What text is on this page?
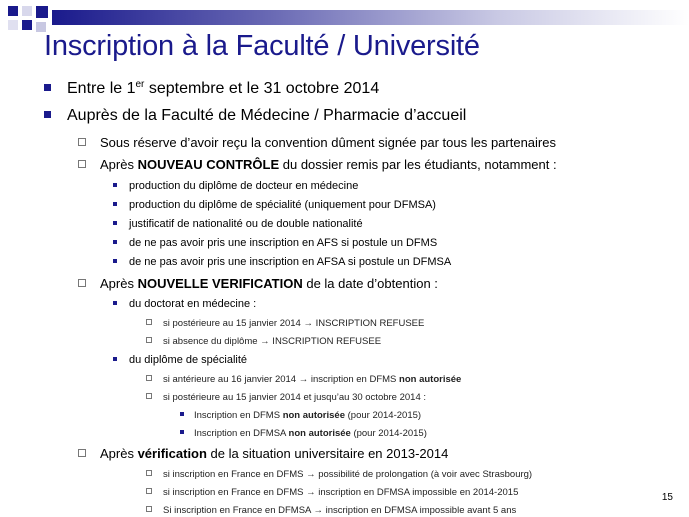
Inscription à la Faculté / Université
Entre le 1er septembre et le 31 octobre 2014
Auprès de la Faculté de Médecine / Pharmacie d’accueil
Sous réserve d’avoir reçu la convention dûment signée par tous les partenaires
Après NOUVEAU CONTRÔLE du dossier remis par les étudiants, notamment :
production du diplôme de docteur en médecine
production du diplôme de spécialité (uniquement pour DFMSA)
justificatif de nationalité ou de double nationalité
de ne pas avoir pris une inscription en AFS si postule un DFMS
de ne pas avoir pris une inscription en AFSA si postule un DFMSA
Après NOUVELLE VERIFICATION de la date d’obtention :
du doctorat en médecine :
si postérieure au 15 janvier 2014 → INSCRIPTION REFUSEE
si absence du diplôme → INSCRIPTION REFUSEE
du diplôme de spécialité
si antérieure au 16 janvier 2014 → inscription en DFMS non autorisée
si postérieure au 15 janvier 2014 et jusqu’au 30 octobre 2014 :
Inscription en DFMS non autorisée (pour 2014-2015)
Inscription en DFMSA non autorisée (pour 2014-2015)
Après vérification de la situation universitaire en 2013-2014
si inscription en France en DFMS → possibilité de prolongation (à voir avec Strasbourg)
si inscription en France en DFMS → inscription en DFMSA impossible en 2014-2015
Si inscription en France en DFMSA → inscription en DFMSA impossible avant 5 ans
15
